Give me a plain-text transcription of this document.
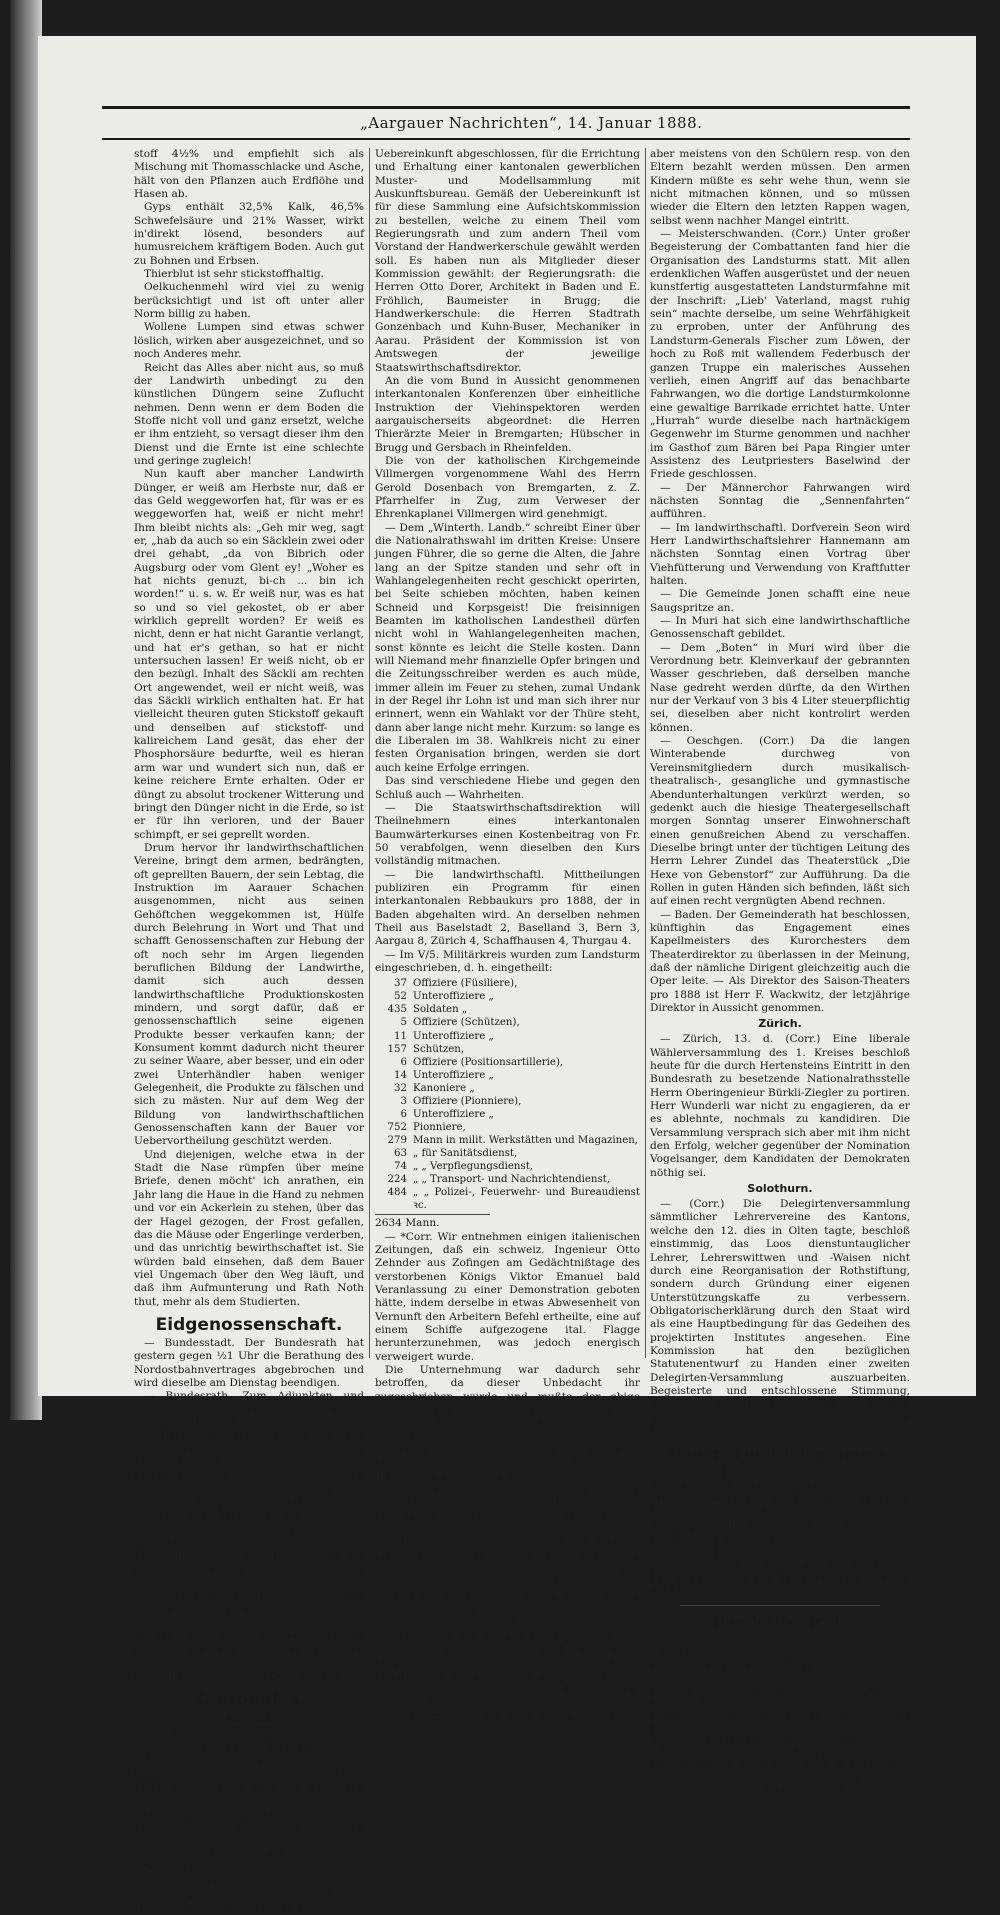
„Aargauer Nachrichten“, 14. Januar 1888.

stoff 4½% und empfiehlt sich als Mischung mit Thomasschlacke und Asche, hält von den Pflanzen auch Erdflöhe und Hasen ab.

Gyps enthält 32,5% Kalk, 46,5% Schwefelsäure und 21% Wasser, wirkt in'direkt lösend, besonders auf humusreichem kräftigem Boden. Auch gut zu Bohnen und Erbsen.

Thierblut ist sehr stickstoffhaltig.

Oelkuchenmehl wird viel zu wenig berücksichtigt und ist oft unter aller Norm billig zu haben.

Wollene Lumpen sind etwas schwer löslich, wirken aber ausgezeichnet, und so noch Anderes mehr.

Reicht das Alles aber nicht aus, so muß der Landwirth unbedingt zu den künstlichen Düngern seine Zuflucht nehmen. Denn wenn er dem Boden die Stoffe nicht voll und ganz ersetzt, welche er ihm entzieht, so versagt dieser ihm den Dienst und die Ernte ist eine schlechte und geringe zugleich!

Nun kauft aber mancher Landwirth Dünger, er weiß am Herbste nur, daß er das Geld weggeworfen hat, für was er es weggeworfen hat, weiß er nicht mehr! Ihm bleibt nichts als: „Geh mir weg, sagt er, „hab da auch so ein Säcklein zwei oder drei gehabt, „da von Bibrich oder Augsburg oder vom Glent ey! „Woher es hat nichts genuzt, bi-ch ... bin ich worden!“ u. s. w. Er weiß nur, was es hat so und so viel gekostet, ob er aber wirklich geprellt worden? Er weiß es nicht, denn er hat nicht Garantie verlangt, und hat er's gethan, so hat er nicht untersuchen lassen! Er weiß nicht, ob er den bezügl. Inhalt des Säckli am rechten Ort angewendet, weil er nicht weiß, was das Säckli wirklich enthalten hat. Er hat vielleicht theuren guten Stickstoff gekauft und denselben auf stickstoff- und kalireichem Land gesät, das eher der Phosphorsäure bedurfte, weil es hieran arm war und wundert sich nun, daß er keine reichere Ernte erhalten. Oder er düngt zu absolut trockener Witterung und bringt den Dünger nicht in die Erde, so ist er für ihn verloren, und der Bauer schimpft, er sei geprellt worden.

Drum hervor ihr landwirthschaftlichen Vereine, bringt dem armen, bedrängten, oft geprellten Bauern, der sein Lebtag, die Instruktion im Aarauer Schachen ausgenommen, nicht aus seinen Gehöftchen weggekommen ist, Hülfe durch Belehrung in Wort und That und schafft Genossenschaften zur Hebung der oft noch sehr im Argen liegenden beruflichen Bildung der Landwirthe, damit sich auch dessen landwirthschaftliche Produktionskosten mindern, und sorgt dafür, daß er genossenschaftlich seine eigenen Produkte besser verkaufen kann; der Konsument kommt dadurch nicht theurer zu seiner Waare, aber besser, und ein oder zwei Unterhändler haben weniger Gelegenheit, die Produkte zu fälschen und sich zu mästen. Nur auf dem Weg der Bildung von landwirthschaftlichen Genossenschaften kann der Bauer vor Uebervortheilung geschützt werden.

Und diejenigen, welche etwa in der Stadt die Nase rümpfen über meine Briefe, denen möcht' ich anrathen, ein Jahr lang die Haue in die Hand zu nehmen und vor ein Ackerlein zu stehen, über das der Hagel gezogen, der Frost gefallen, das die Mäuse oder Engerlinge verderben, und das unrichtig bewirthschaftet ist. Sie würden bald einsehen, daß dem Bauer viel Ungemach über den Weg läuft, und daß ihm Aufmunterung und Rath Noth thut, mehr als dem Studierten.

Eidgenossenschaft.

— Bundesstadt. Der Bundesrath hat gestern gegen ½1 Uhr die Berathung des Nordostbahnvertrages abgebrochen und wird dieselbe am Dienstag beendigen.

— Bundesrath. Zum Adjunkten und Uebersetzer beim Finanzbureau wurde ernannt: Heinrich Rimieux, Buchhalter des Bankhauses Hentsch und Cie. aus Genf; zum Sekretär der Abtheilung Landwirthschaft des Industrie- und Landwirthschafts-Departements: Ulrich Weibmann von Oberstraß (Zürich); zum Kanzlisten der genannten Abtheilung: der Adjunkt des Sekretärs der Industrie-Abtheilung im genannten Departement: Dr. phil. O. Nieser (aus dem Kanton Thurgau) in Bern; zum Uebersetzer der gleichen Abtheilung: Professor C. Essener in Zug.

— Militärisches. Die Offerten von Murten Freiburg und Colombier betr. Uebernahme eines eidgen. Waffenplatzes werden von einer Spezialkommission geprüft, die aus den HH. Obersten Wieland von Basel, Walter von Bern und Oberstlieutenant Isler in Genf besteht.

Kantonales.
Aargau.

— Aus den Verhandlungen des Regierungsrathes vom 13. Januar.

Auf den Vorschlag der Erziehungsdirektion werden für das Jahr 1887 Alterszulagen auch an diejenigen Gemeindeschullehrer ausgerichtet, welche bei einer Besoldung von mehr als Fr. 1500 im Sinne der neuesten Großrathsschlußnahme vom 29. Nov. abhin einen Anspruch auf diese Zulage erworben haben.

In Ausführung von Art. 91 der Verfassung hat der Staat mit der Handwerkerschule von Aarau eine

Uebereinkunft abgeschlossen, für die Errichtung und Erhaltung einer kantonalen gewerblichen Muster- und Modellsammlung mit Auskunftsbureau. Gemäß der Uebereinkunft ist für diese Sammlung eine Aufsichtskommission zu bestellen, welche zu einem Theil vom Regierungsrath und zum andern Theil vom Vorstand der Handwerkerschule gewählt werden soll. Es haben nun als Mitglieder dieser Kommission gewählt: der Regierungsrath: die Herren Otto Dorer, Architekt in Baden und E. Fröhlich, Baumeister in Brugg; die Handwerkerschule: die Herren Stadtrath Gonzenbach und Kuhn-Buser, Mechaniker in Aarau. Präsident der Kommission ist von Amtswegen der jeweilige Staatswirthschaftsdirektor.

An die vom Bund in Aussicht genommenen interkantonalen Konferenzen über einheitliche Instruktion der Viehinspektoren werden aargauischerseits abgeordnet: die Herren Thierärzte Meier in Bremgarten; Hübscher in Brugg und Gersbach in Rheinfelden.

Die von der katholischen Kirchgemeinde Villmergen vorgenommene Wahl des Herrn Gerold Dosenbach von Bremgarten, z. Z. Pfarrhelfer in Zug, zum Verweser der Ehrenkaplanei Villmergen wird genehmigt.

— Dem „Winterth. Landb.“ schreibt Einer über die Nationalrathswahl im dritten Kreise: Unsere jungen Führer, die so gerne die Alten, die Jahre lang an der Spitze standen und sehr oft in Wahlangelegenheiten recht geschickt operirten, bei Seite schieben möchten, haben keinen Schneid und Korpsgeist! Die freisinnigen Beamten im katholischen Landestheil dürfen nicht wohl in Wahlangelegenheiten machen, sonst könnte es leicht die Stelle kosten. Dann will Niemand mehr finanzielle Opfer bringen und die Zeitungsschreiber werden es auch müde, immer allein im Feuer zu stehen, zumal Undank in der Regel ihr Lohn ist und man sich ihrer nur erinnert, wenn ein Wahlakt vor der Thüre steht, dann aber lange nicht mehr. Kurzum: so lange es die Liberalen im 38. Wahlkreis nicht zu einer festen Organisation bringen, werden sie dort auch keine Erfolge erringen.

Das sind verschiedene Hiebe und gegen den Schluß auch — Wahrheiten.

— Die Staatswirthschaftsdirektion will Theilnehmern eines interkantonalen Baumwärterkurses einen Kostenbeitrag von Fr. 50 verabfolgen, wenn dieselben den Kurs vollständig mitmachen.

— Die landwirthschaftl. Mittheilungen publiziren ein Programm für einen interkantonalen Rebbaukurs pro 1888, der in Baden abgehalten wird. An derselben nehmen Theil aus Baselstadt 2, Baselland 3, Bern 3, Aargau 8, Zürich 4, Schaffhausen 4, Thurgau 4.

— Im V/5. Militärkreis wurden zum Landsturm eingeschrieben, d. h. eingetheilt:

37 Offiziere (Füsiliere),
52 Unteroffiziere „
435 Soldaten „
5 Offiziere (Schützen),
11 Unteroffiziere „
157 Schützen,
6 Offiziere (Positionsartillerie),
14 Unteroffiziere „
32 Kanoniere „
3 Offiziere (Pionniere),
6 Unteroffiziere „
752 Pionniere,
279 Mann in milit. Werkstätten und Magazinen,
63 „ für Sanitätsdienst,
74 „ „ Verpflegungsdienst,
224 „ „ Transport- und Nachrichtendienst,
484 „ „ Polizei-, Feuerwehr- und Bureaudienst ꝛc.

2634 Mann.

— *Corr. Wir entnehmen einigen italienischen Zeitungen, daß ein schweiz. Ingenieur Otto Zehnder aus Zofingen am Gedächtnißtage des verstorbenen Königs Viktor Emanuel bald Veranlassung zu einer Demonstration geboten hätte, indem derselbe in etwas Abwesenheit von Vernunft den Arbeitern Befehl ertheilte, eine auf einem Schiffe aufgezogene ital. Flagge herunterzunehmen, was jedoch energisch verweigert wurde.

Die Unternehmung war dadurch sehr betroffen, da dieser Unbedacht ihr zugeschrieben wurde und mußte der obige Ingenieur von derselben als Gegenbeweis und Strafe für 14 Tage von den Arbeiten entlassen werden.

Auch in der Schweiz glauben wir, würde es böses Blut erwecken, wenn sich ein Fremder auf diese Weise ausnehmen würde.

— Ober-Entfelden. * Am künftigen Sonntag den 15. Jan. Vormittags 9 Uhr findet die Installation des neugewählten Hrn. Pfarrer Bolliger statt.

— Der „Freischütz“ wendet sich mit Recht in einer Strafpredigt gegen den unnöthigen Aufwand, welcher heutzutage vielerorts bei der Schuljugend getrieben wird. Er sagt: Man schämt sich heutzutage ja schon, seinen Buben die Schulsachen im zwilchenen „Oser“ mitzugeben er muß einen eleganten Schultornister am Buckel tragen, „billig und schlecht“. Viele Schüler sind mit allem Möglichen, mit ganz feinen Federschachteln, Federhaltern ꝛc. aufs Beste ausgestattet, aber um so weniger glänzend ist die Leistung. Größere Reisen und glänzende Festlichkeiten werden arrangirt, die wohl schön, sogar gut sind,

aber meistens von den Schülern resp. von den Eltern bezahlt werden müssen. Den armen Kindern müßte es sehr wehe thun, wenn sie nicht mitmachen können, und so müssen wieder die Eltern den letzten Rappen wagen, selbst wenn nachher Mangel eintritt.

— Meisterschwanden. (Corr.) Unter großer Begeisterung der Combattanten fand hier die Organisation des Landsturms statt. Mit allen erdenklichen Waffen ausgerüstet und der neuen kunstfertig ausgestatteten Landsturmfahne mit der Inschrift: „Lieb' Vaterland, magst ruhig sein“ machte derselbe, um seine Wehrfähigkeit zu erproben, unter der Anführung des Landsturm-Generals Fischer zum Löwen, der hoch zu Roß mit wallendem Federbusch der ganzen Truppe ein malerisches Aussehen verlieh, einen Angriff auf das benachbarte Fahrwangen, wo die dortige Landsturmkolonne eine gewaltige Barrikade errichtet hatte. Unter „Hurrah“ wurde dieselbe nach hartnäckigem Gegenwehr im Sturme genommen und nachher im Gasthof zum Bären bei Papa Ringier unter Assistenz des Leutpriesters Baselwind der Friede geschlossen.

— Der Männerchor Fahrwangen wird nächsten Sonntag die „Sennenfahrten“ aufführen.

— Im landwirthschaftl. Dorfverein Seon wird Herr Landwirthschaftslehrer Hannemann am nächsten Sonntag einen Vortrag über Viehfütterung und Verwendung von Kraftfutter halten.

— Die Gemeinde Jonen schafft eine neue Saugspritze an.

— In Muri hat sich eine landwirthschaftliche Genossenschaft gebildet.

— Dem „Boten“ in Muri wird über die Verordnung betr. Kleinverkauf der gebrannten Wasser geschrieben, daß derselben manche Nase gedreht werden dürfte, da den Wirthen nur der Verkauf von 3 bis 4 Liter steuerpflichtig sei, dieselben aber nicht kontrolirt werden können.

— Oeschgen. (Corr.) Da die langen Winterabende durchweg von Vereinsmitgliedern durch musikalisch-theatralisch-, gesangliche und gymnastische Abendunterhaltungen verkürzt werden, so gedenkt auch die hiesige Theatergesellschaft morgen Sonntag unserer Einwohnerschaft einen genußreichen Abend zu verschaffen. Dieselbe bringt unter der tüchtigen Leitung des Herrn Lehrer Zundel das Theaterstück „Die Hexe von Gebenstorf“ zur Aufführung. Da die Rollen in guten Händen sich befinden, läßt sich auf einen recht vergnügten Abend rechnen.

— Baden. Der Gemeinderath hat beschlossen, künftighin das Engagement eines Kapellmeisters des Kurorchesters dem Theaterdirektor zu überlassen in der Meinung, daß der nämliche Dirigent gleichzeitig auch die Oper leite. — Als Direktor des Saison-Theaters pro 1888 ist Herr F. Wackwitz, der letzjährige Direktor in Aussicht genommen.

Zürich.

— Zürich, 13. d. (Corr.) Eine liberale Wählerversammlung des 1. Kreises beschloß heute für die durch Hertensteins Eintritt in den Bundesrath zu besetzende Nationalrathsstelle Herrn Oberingenieur Bürkli-Ziegler zu portiren. Herr Wunderli war nicht zu engagieren, da er es ablehnte, nochmals zu kandidiren. Die Versammlung versprach sich aber mit ihm nicht den Erfolg, welcher gegenüber der Nomination Vogelsanger, dem Kandidaten der Demokraten nöthig sei.

Solothurn.

— (Corr.) Die Delegirtenversammlung sämmtlicher Lehrervereine des Kantons, welche den 12. dies in Olten tagte, beschloß einstimmig, das Loos dienstuntauglicher Lehrer, Lehrerswittwen und -Waisen nicht durch eine Reorganisation der Rothstiftung, sondern durch Gründung einer eigenen Unterstützungskaffe zu verbessern. Obligatorischerklärung durch den Staat wird als eine Hauptbedingung für das Gedeihen des projektirten Institutes angesehen. Eine Kommission hat den bezüglichen Statutenentwurf zu Handen einer zweiten Delegirten-Versammlung auszuarbeiten. Begeisterte und entschlossene Stimmung, durch Selbsthülfe einen braven, gemeinnützigen Akt zu vollführen, läßt guten Erfolg erwarten.

Neueres und Telegramme.

Wien, 13. Jan. Der „Polit. Corr.“ wird aus Konstantinopel über ansehnliche türkische Truppenbewegungen in Kleinasien berichtet. Die türkischen Militärkommandanten erhielten Weisung, auf die Bereitschaft der Reserve zur Mobilisirung hinzuwirken.

London, 13. Januar. Der Bremer Dampfer „Nordstern“ lief im Nebel auf den Startpoint-Fels bei Plymouth. Die Bemannung ist gerettet, die Ladung verloren.

Handelsbericht.
(Spezial-Correspondenz aus Zürich.)

Ich habe Ihnen in meinen letzten Berichte versprochen, auf die Zollfrage zurückzukommen, und will damit nicht zögern, da ist für unsere heutigen Verkehrsleben von größter Wichtigkeit. Ich bin den Zollentrichtungen überhaupt immer mit besonderem Interesse gefolgt, da mir, als Freihändler, Zölle stets widerstreben und als eine Schöpfung des Merkantilismus erschienen.

Es sind eben 50 Jahre, daß ich für ein deutsches Droguengeschäft meine erste Reise in der Schweiz machte. Die widerwärtige Erscheinung an der deutschen Grenze, mit Schießgewehren
